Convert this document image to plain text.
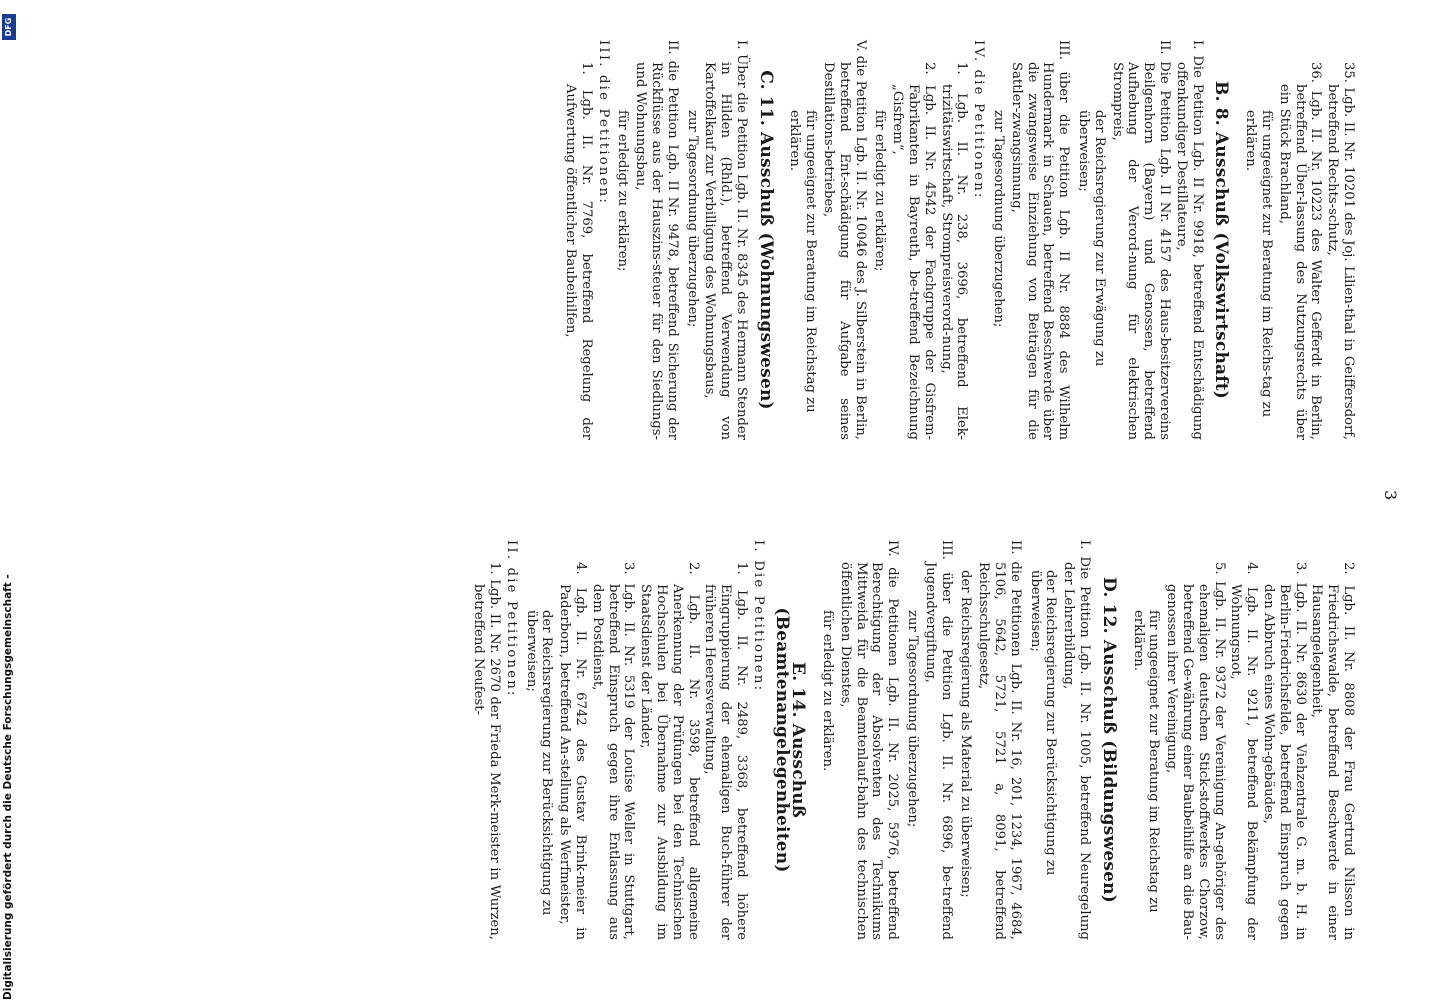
3
35. Lgb. II. Nr. 10201 des Joj. Lilien-thal in Geiffersdorf, betreffend Rechts-schutz,
36. Lgb. II. Nr. 10223 des Walter Gefferdt in Berlin, betreffend Über-lassung des Nutzungsrechts über ein Stück Brachland,
für ungeeignet zur Beratung im Reichs-tag zu erklären.
B. 8. Ausschuß (Volkswirtschaft)
I. Die Petition Lgb. II Nr. 9918, betreffend Entschädigung offenkundiger Destillateure,
II. Die Petition Lgb. II Nr. 4157 des Haus-besitzervereins Beilgenhorn (Bayern) und Genossen, betreffend Aufhebung der Verord-nung für elektrischen Strompreis,
der Reichsregierung zur Erwägung zu überweisen;
III. über die Petition Lgb. II Nr. 8884 des Wilhelm Hundermark in Schauen, betreffend Beschwerde über die zwangsweise Einziehung von Beiträgen für die Sattler-zwangsinnung,
zur Tagesordnung überzugehen;
IV. die Petitionen:
1. Lgb. II. Nr. 238, 3696, betreffend Elek-trizitätswirtschaft, Strompreisverord-nung,
2. Lgb. II. Nr. 4542 der Fachgruppe der Gisfrem-Fabrikanten in Bayreuth, be-treffend Bezeichnung „Gisfrem“,
für erledigt zu erklären;
V. die Petition Lgb. II. Nr. 10046 des J. Silberstein in Berlin, betreffend Ent-schädigung für Aufgabe seines Destillations-betriebes,
für ungeeignet zur Beratung im Reichstag zu erklären.
C. 11. Ausschuß (Wohnungswesen)
I. Über die Petition Lgb. II. Nr. 8345 des Hermann Stender in Hilden (Rhld.), betreffend Verwendung von Kartoffelkauf zur Verbilligung des Wohnungsbaus,
zur Tagesordnung überzugehen;
II. die Petition Lgb. II Nr. 9478, betreffend Sicherung der Rückflüsse aus der Hauszins-steuer für den Siedlungs- und Wohnungsbau,
für erledigt zu erklären;
III. die Petitionen:
1. Lgb. II. Nr. 7769, betreffend Regelung der Aufwertung öffentlicher Baubeihilfen,
2. Lgb. II. Nr. 8808 der Frau Gertrud Nilsson in Friedrichswalde, betreffend Beschwerde in einer Hausangelegenheit,
3. Lgb. II. Nr. 8630 der Viehzentrale G. m. b. H. in Berlin-Friedrichsfelde, betreffend Einspruch gegen den Abbruch eines Wohn-gebäudes,
4. Lgb. II. Nr. 9211, betreffend Bekämpfung der Wohnungsnot,
5. Lgb. II. Nr. 9372 der Vereinigung An-gehöriger des ehemaligen deutschen Stick-stoffwerkes Chorzow, betreffend Ge-währung einer Baubeihilfe an die Bau-genossen ihrer Vereinigung,
für ungeeignet zur Beratung im Reichstag zu erklären.
D. 12. Ausschuß (Bildungswesen)
I. Die Petition Lgb. II. Nr. 1005, betreffend Neuregelung der Lehrerbildung,
der Reichsregierung zur Berücksichtigung zu überweisen;
II. die Petitionen Lgb. II. Nr. 16, 201, 1234, 1967, 4684, 5106, 5642, 5721, 5721 a, 8091, betreffend Reichsschulgesetz,
der Reichsregierung als Material zu überweisen;
III. über die Petition Lgb. II. Nr. 6896, be-treffend Jugendvergiftung,
zur Tagesordnung überzugehen;
IV. die Petitionen Lgb. II. Nr. 2025, 5976, betreffend Berechtigung der Absolventen des Technikums Mittweida für die Beamtenlauf-bahn des technischen öffentlichen Dienstes,
für erledigt zu erklären.
E. 14. Ausschuß (Beamtenangelegenheiten)
I. Die Petitionen:
1. Lgb. II. Nr. 2489, 3368, betreffend höhere Eingruppierung der ehemaligen Buch-führer der früheren Heeresverwaltung,
2. Lgb. II. Nr. 3598, betreffend allgemeine Anerkennung der Prüfungen bei den Technischen Hochschulen bei Übernahme zur Ausbildung im Staatsdienst der Länder,
3. Lgb. II. Nr. 5319 der Louise Weller in Stuttgart, betreffend Einspruch gegen ihre Entlassung aus dem Postdienst,
4. Lgb. II. Nr. 6742 des Gustav Brink-meier in Paderborn, betreffend An-stellung als Werfmeister,
der Reichsregierung zur Berücksichtigung zu überweisen;
II. die Petitionen:
1. Lgb. II. Nr. 2670 der Frieda Merk-meister in Wurzen, betreffend Neufest-
Digitalisierung gefördert durch die Deutsche Forschungsgemeinschaft -
DFG
